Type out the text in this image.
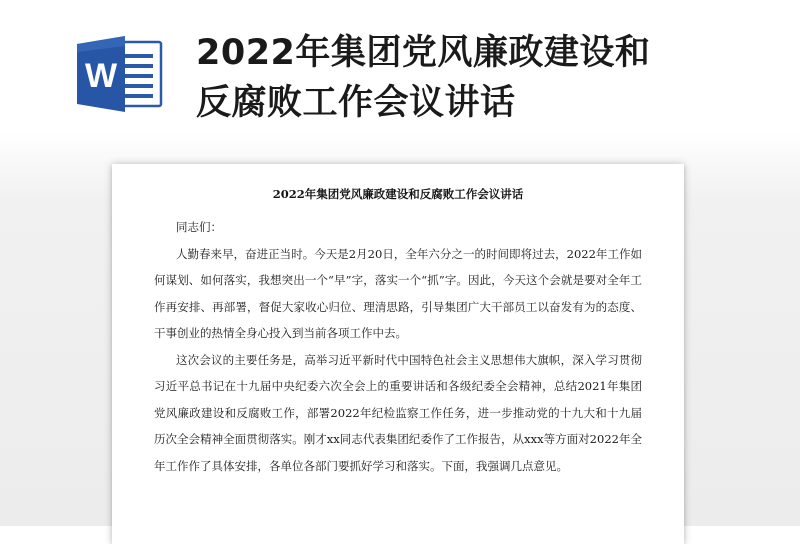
W
2022年集团党风廉政建设和
反腐败工作会议讲话
2022年集团党风廉政建设和反腐败工作会议讲话

同志们：

人勤春来早，奋进正当时。今天是2月20日，全年六分之一的时间即将过去，2022年工作如何谋划、如何落实，我想突出一个“早”字，落实一个“抓”字。因此，今天这个会就是要对全年工作再安排、再部署，督促大家收心归位、理清思路，引导集团广大干部员工以奋发有为的态度、干事创业的热情全身心投入到当前各项工作中去。

这次会议的主要任务是，高举习近平新时代中国特色社会主义思想伟大旗帜，深入学习贯彻习近平总书记在十九届中央纪委六次全会上的重要讲话和各级纪委全会精神，总结2021年集团党风廉政建设和反腐败工作，部署2022年纪检监察工作任务，进一步推动党的十九大和十九届历次全会精神全面贯彻落实。刚才xx同志代表集团纪委作了工作报告，从xxx等方面对2022年全年工作作了具体安排，各单位各部门要抓好学习和落实。下面，我强调几点意见。
